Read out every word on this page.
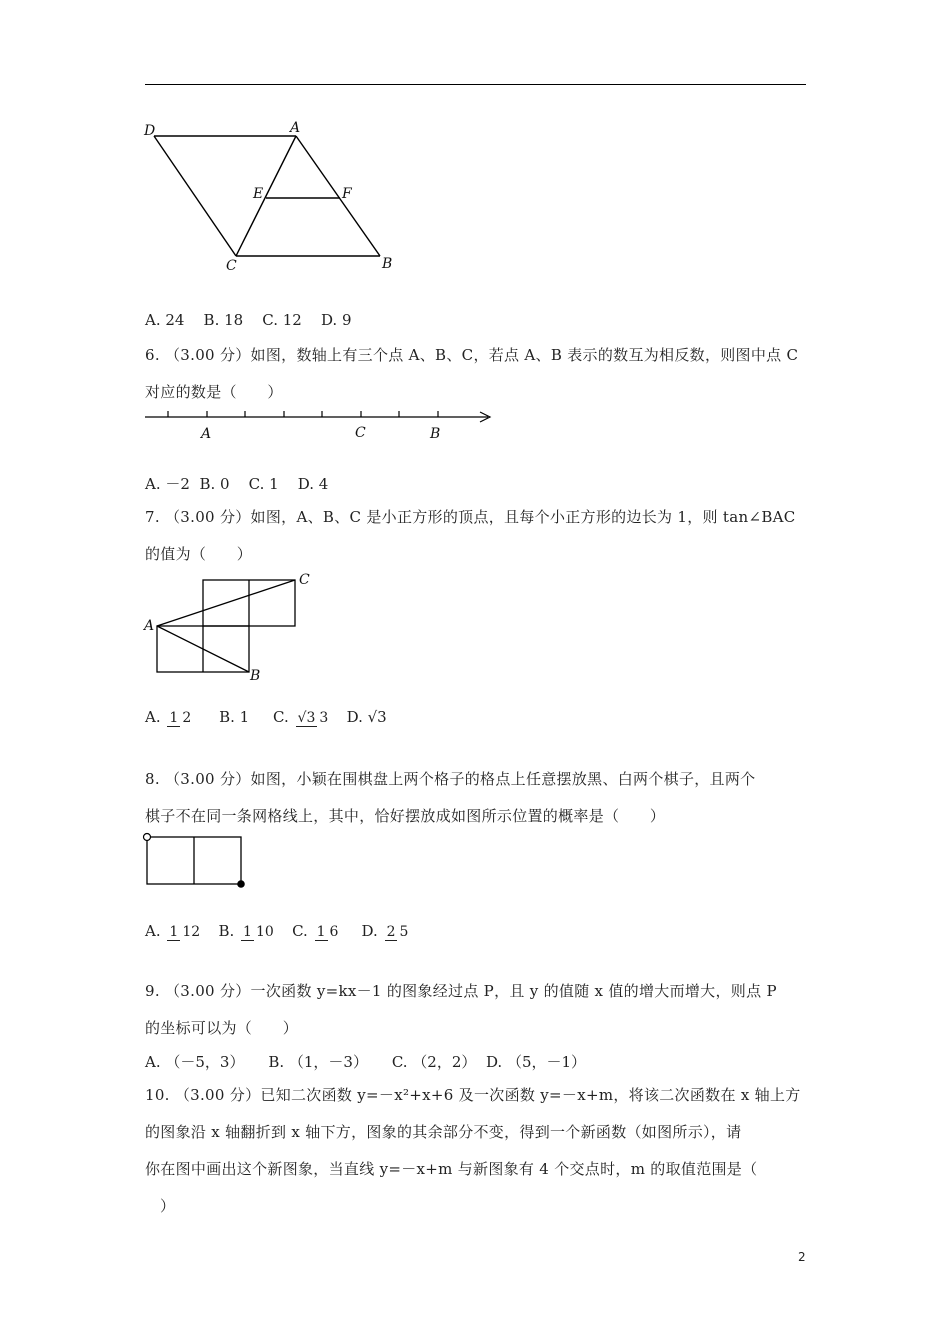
D	A
E	F
C	B
A. 24 B. 18 C. 12 D. 9
6. （3.00 分）如图，数轴上有三个点 A、B、C，若点 A、B 表示的数互为相反数，则图中点 C
对应的数是（　　）
A	C	B
A. －2 B. 0 C. 1 D. 4
7. （3.00 分）如图，A、B、C 是小正方形的顶点，且每个小正方形的边长为 1，则 tan∠BAC
的值为（　　）
A
B
C
A. 1 2 B. 1 C. √3 3 D. √3
8. （3.00 分）如图，小颖在围棋盘上两个格子的格点上任意摆放黑、白两个棋子，且两个
棋子不在同一条网格线上，其中，恰好摆放成如图所示位置的概率是（　　）
A. 1 12 B. 1 10 C. 1 6 D. 2 5
9. （3.00 分）一次函数 y=kx－1 的图象经过点 P，且 y 的值随 x 值的增大而增大，则点 P
的坐标可以为（　　）
A. （－5，3） B. （1，－3） C. （2，2） D. （5，－1）
10. （3.00 分）已知二次函数 y=－x²+x+6 及一次函数 y=－x+m，将该二次函数在 x 轴上方
的图象沿 x 轴翻折到 x 轴下方，图象的其余部分不变，得到一个新函数（如图所示），请
你在图中画出这个新图象，当直线 y=－x+m 与新图象有 4 个交点时，m 的取值范围是（
）
2
